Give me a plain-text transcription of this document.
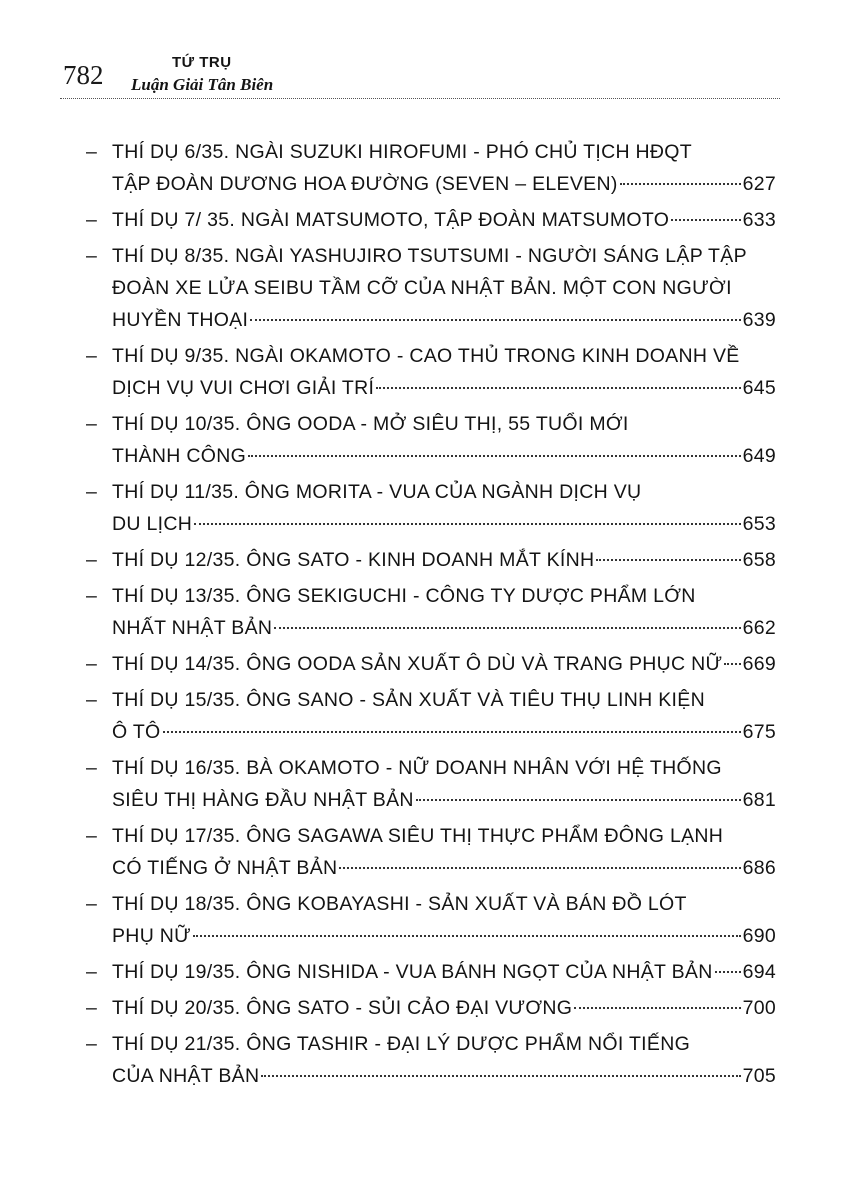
782	TỨ TRỤ
Luận Giải Tân Biên
– THÍ DỤ 6/35. NGÀI SUZUKI HIROFUMI - PHÓ CHỦ TỊCH HĐQT
TẬP ĐOÀN DƯƠNG HOA ĐƯỜNG (SEVEN – ELEVEN)	627
– THÍ DỤ 7/ 35. NGÀI MATSUMOTO, TẬP ĐOÀN MATSUMOTO	633
– THÍ DỤ 8/35. NGÀI YASHUJIRO TSUTSUMI - NGƯỜI SÁNG LẬP TẬP
ĐOÀN XE LỬA SEIBU TẦM CỠ CỦA NHẬT BẢN. MỘT CON NGƯỜI
HUYỀN THOẠI	639
– THÍ DỤ 9/35. NGÀI OKAMOTO - CAO THỦ TRONG KINH DOANH VỀ
DỊCH VỤ VUI CHƠI GIẢI TRÍ	645
– THÍ DỤ 10/35. ÔNG OODA - MỞ SIÊU THỊ, 55 TUỔI MỚI
THÀNH CÔNG	649
– THÍ DỤ 11/35. ÔNG MORITA - VUA CỦA NGÀNH DỊCH VỤ
DU LỊCH	653
– THÍ DỤ 12/35. ÔNG SATO - KINH DOANH MẮT KÍNH	658
– THÍ DỤ 13/35. ÔNG SEKIGUCHI - CÔNG TY DƯỢC PHẨM LỚN
NHẤT NHẬT BẢN	662
– THÍ DỤ 14/35. ÔNG OODA SẢN XUẤT Ô DÙ VÀ TRANG PHỤC NỮ 669
– THÍ DỤ 15/35. ÔNG SANO - SẢN XUẤT VÀ TIÊU THỤ LINH KIỆN
Ô TÔ	675
– THÍ DỤ 16/35. BÀ OKAMOTO - NỮ DOANH NHÂN VỚI HỆ THỐNG
SIÊU THỊ HÀNG ĐẦU NHẬT BẢN	681
– THÍ DỤ 17/35. ÔNG SAGAWA SIÊU THỊ THỰC PHẨM ĐÔNG LẠNH
CÓ TIẾNG Ở NHẬT BẢN	686
– THÍ DỤ 18/35. ÔNG KOBAYASHI - SẢN XUẤT VÀ BÁN ĐỒ LÓT
PHỤ NỮ	690
– THÍ DỤ 19/35. ÔNG NISHIDA - VUA BÁNH NGỌT CỦA NHẬT BẢN 694
– THÍ DỤ 20/35. ÔNG SATO - SỦI CẢO ĐẠI VƯƠNG	700
– THÍ DỤ 21/35. ÔNG TASHIR - ĐẠI LÝ DƯỢC PHẨM NỔI TIẾNG
CỦA NHẬT BẢN	705
